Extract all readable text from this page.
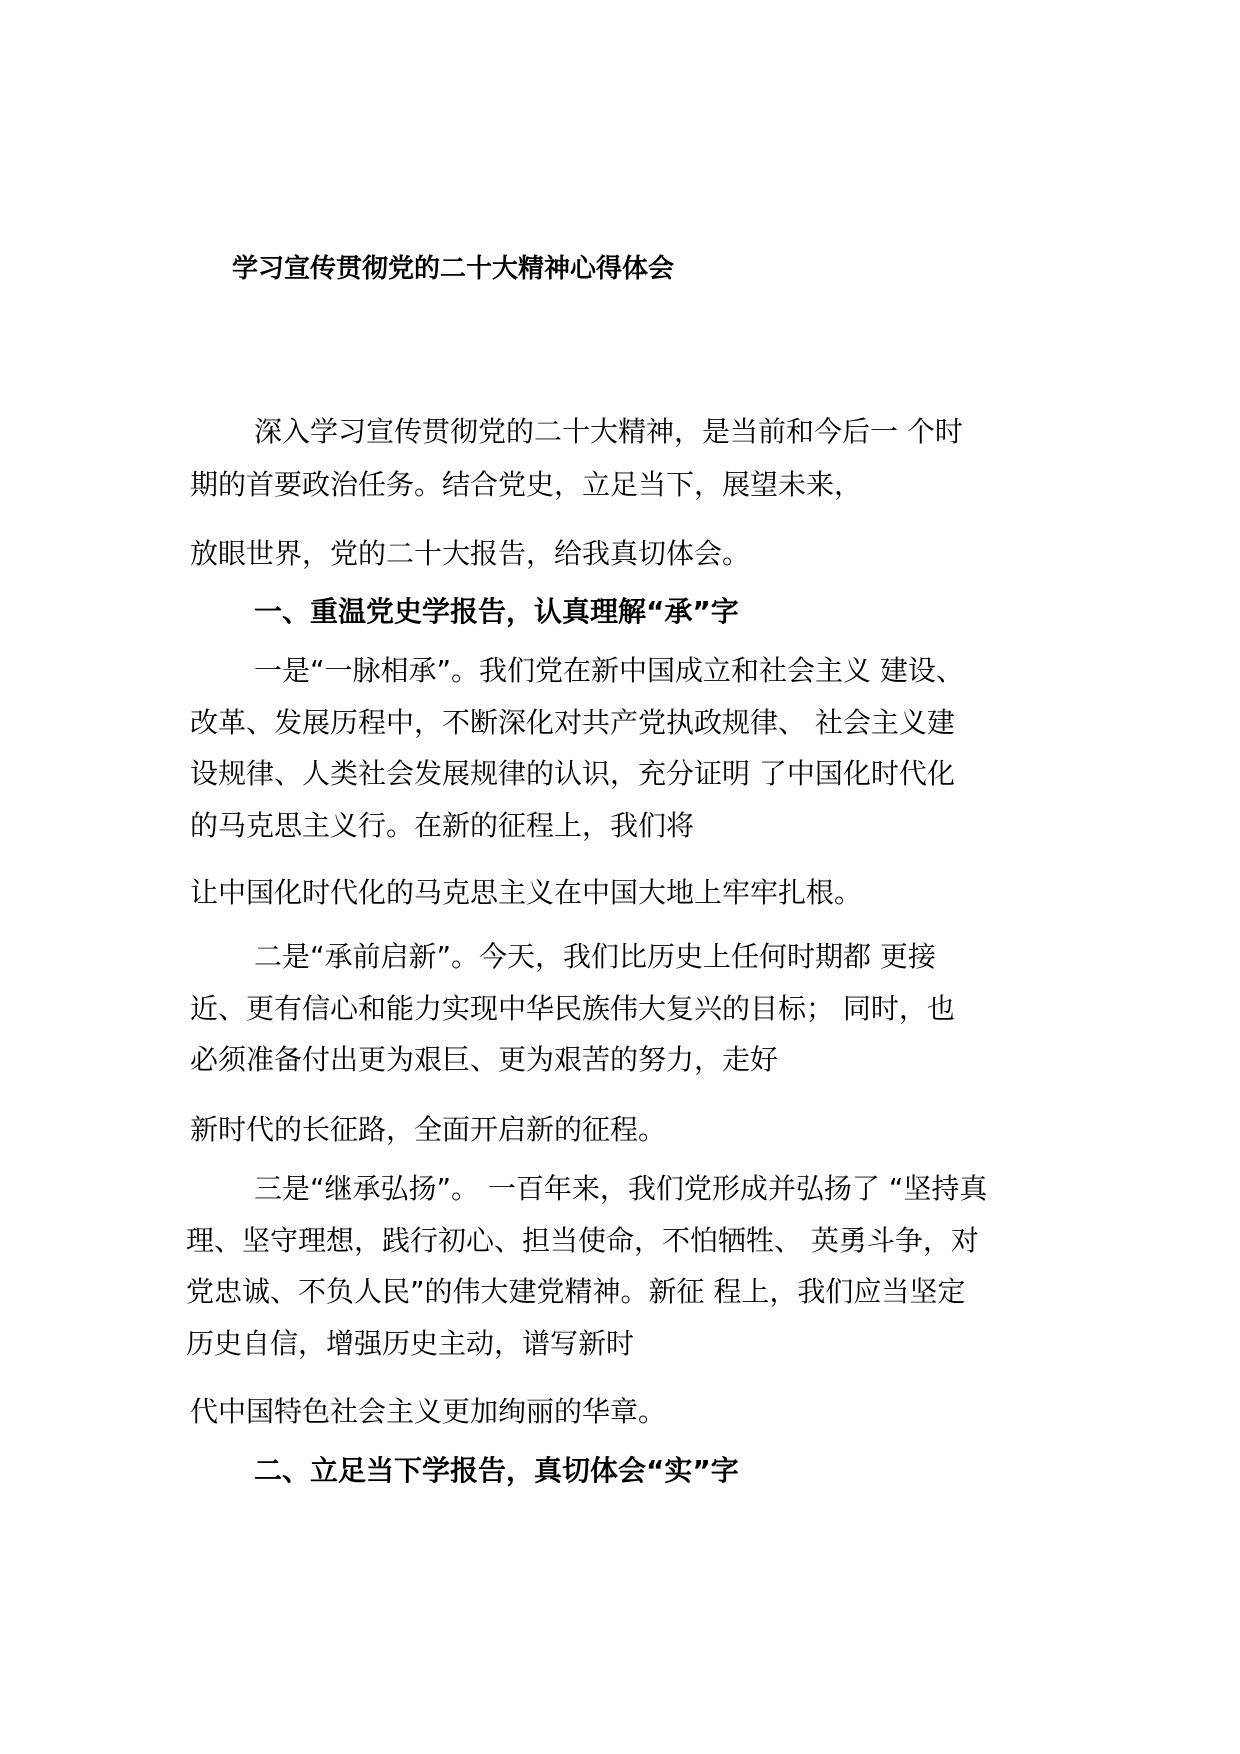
学习宣传贯彻党的二十大精神心得体会
深入学习宣传贯彻党的二十大精神，是当前和今后一 个时
期的首要政治任务。结合党史，立足当下，展望未来，
放眼世界，党的二十大报告，给我真切体会。
一、重温党史学报告，认真理解“承”字
一是“一脉相承”。我们党在新中国成立和社会主义 建设、
改革、发展历程中，不断深化对共产党执政规律、 社会主义建
设规律、人类社会发展规律的认识，充分证明 了中国化时代化
的马克思主义行。在新的征程上，我们将
让中国化时代化的马克思主义在中国大地上牢牢扎根。
二是“承前启新”。今天，我们比历史上任何时期都 更接
近、更有信心和能力实现中华民族伟大复兴的目标； 同时，也
必须准备付出更为艰巨、更为艰苦的努力，走好
新时代的长征路，全面开启新的征程。
三是“继承弘扬”。 一百年来，我们党形成并弘扬了 “坚持真
理、坚守理想，践行初心、担当使命，不怕牺牲、 英勇斗争，对
党忠诚、不负人民”的伟大建党精神。新征 程上，我们应当坚定
历史自信，增强历史主动，谱写新时
代中国特色社会主义更加绚丽的华章。
二、立足当下学报告，真切体会“实”字
